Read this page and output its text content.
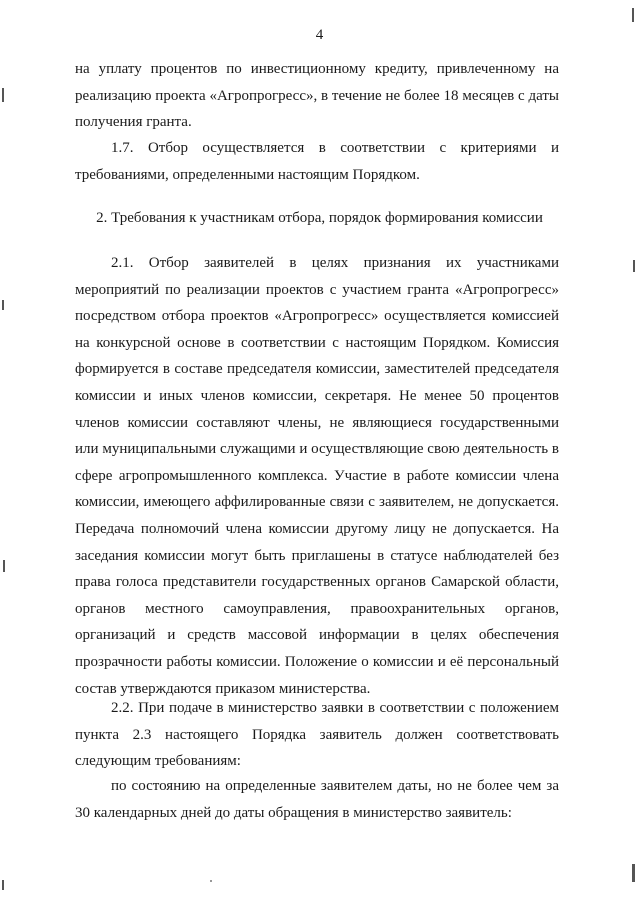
4

на уплату процентов по инвестиционному кредиту, привлеченному на реализацию проекта «Агропрогресс», в течение не более 18 месяцев с даты получения гранта.

1.7. Отбор осуществляется в соответствии с критериями и требованиями, определенными настоящим Порядком.

2. Требования к участникам отбора, порядок формирования комиссии

2.1. Отбор заявителей в целях признания их участниками мероприятий по реализации проектов с участием гранта «Агропрогресс» посредством отбора проектов «Агропрогресс» осуществляется комиссией на конкурсной основе в соответствии с настоящим Порядком. Комиссия формируется в составе председателя комиссии, заместителей председателя комиссии и иных членов комиссии, секретаря. Не менее 50 процентов членов комиссии составляют члены, не являющиеся государственными или муниципальными служащими и осуществляющие свою деятельность в сфере агропромышленного комплекса. Участие в работе комиссии члена комиссии, имеющего аффилированные связи с заявителем, не допускается. Передача полномочий члена комиссии другому лицу не допускается. На заседания комиссии могут быть приглашены в статусе наблюдателей без права голоса представители государственных органов Самарской области, органов местного самоуправления, правоохранительных органов, организаций и средств массовой информации в целях обеспечения прозрачности работы комиссии. Положение о комиссии и её персональный состав утверждаются приказом министерства.

2.2. При подаче в министерство заявки в соответствии с положением пункта 2.3 настоящего Порядка заявитель должен соответствовать следующим требованиям:

по состоянию на определенные заявителем даты, но не более чем за 30 календарных дней до даты обращения в министерство заявитель:
